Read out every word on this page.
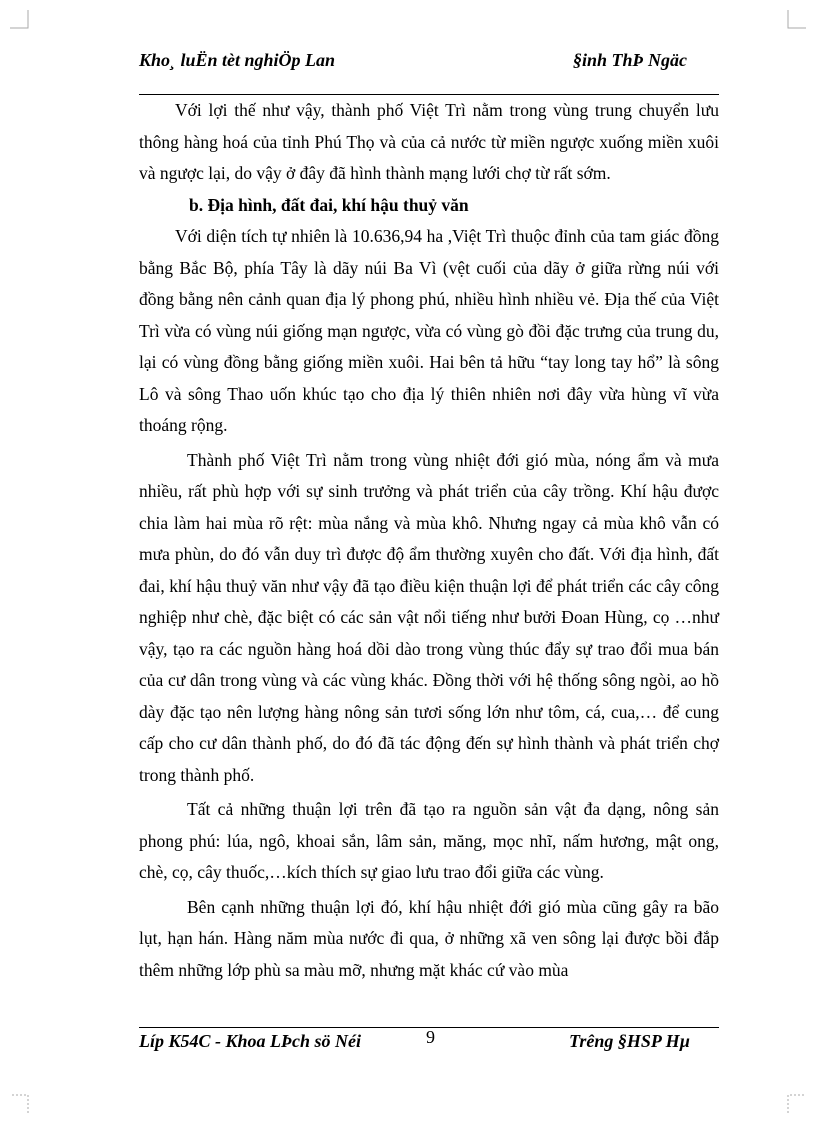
Kho¸ luËn tèt nghiÖp Lan	§inh ThÞ Ngäc

Với lợi thế như vậy, thành phố Việt Trì nằm trong vùng trung chuyển lưu thông hàng hoá của tỉnh Phú Thọ và của cả nước từ miền ngược xuống miền xuôi và ngược lại, do vậy ở đây đã hình thành mạng lưới chợ từ rất sớm.

b. Địa hình, đất đai, khí hậu thuỷ văn

Với diện tích tự nhiên là 10.636,94 ha ,Việt Trì thuộc đỉnh của tam giác đồng bằng Bắc Bộ, phía Tây là dãy núi Ba Vì (vệt cuối của dãy ở giữa rừng núi với đồng bằng nên cảnh quan địa lý phong phú, nhiều hình nhiều vẻ. Địa thế của Việt Trì vừa có vùng núi giống mạn ngược, vừa có vùng gò đồi đặc trưng của trung du, lại có vùng đồng bằng giống miền xuôi. Hai bên tả hữu “tay long tay hổ” là sông Lô và sông Thao uốn khúc tạo cho địa lý thiên nhiên nơi đây vừa hùng vĩ vừa thoáng rộng.

Thành phố Việt Trì nằm trong vùng nhiệt đới gió mùa, nóng ẩm và mưa nhiều, rất phù hợp với sự sinh trưởng và phát triển của cây trồng. Khí hậu được chia làm hai mùa rõ rệt: mùa nắng và mùa khô. Nhưng ngay cả mùa khô vẫn có mưa phùn, do đó vẫn duy trì được độ ẩm thường xuyên cho đất. Với địa hình, đất đai, khí hậu thuỷ văn như vậy đã tạo điều kiện thuận lợi để phát triển các cây công nghiệp như chè, đặc biệt có các sản vật nổi tiếng như bưởi Đoan Hùng, cọ …như vậy, tạo ra các nguồn hàng hoá dồi dào trong vùng thúc đẩy sự trao đổi mua bán của cư dân trong vùng và các vùng khác. Đồng thời với hệ thống sông ngòi, ao hồ dày đặc tạo nên lượng hàng nông sản tươi sống lớn như tôm, cá, cua,… để cung cấp cho cư dân thành phố, do đó đã tác động đến sự hình thành và phát triển chợ trong thành phố.

Tất cả những thuận lợi trên đã tạo ra nguồn sản vật đa dạng, nông sản phong phú: lúa, ngô, khoai sắn, lâm sản, măng, mọc nhĩ, nấm hương, mật ong, chè, cọ, cây thuốc,…kích thích sự giao lưu trao đổi giữa các vùng.

Bên cạnh những thuận lợi đó, khí hậu nhiệt đới gió mùa cũng gây ra bão lụt, hạn hán. Hàng năm mùa nước đi qua, ở những xã ven sông lại được bồi đắp thêm những lớp phù sa màu mỡ, nhưng mặt khác cứ vào mùa

Líp K54C - Khoa LÞch sö Néi	9	Trêng §HSP Hµ
